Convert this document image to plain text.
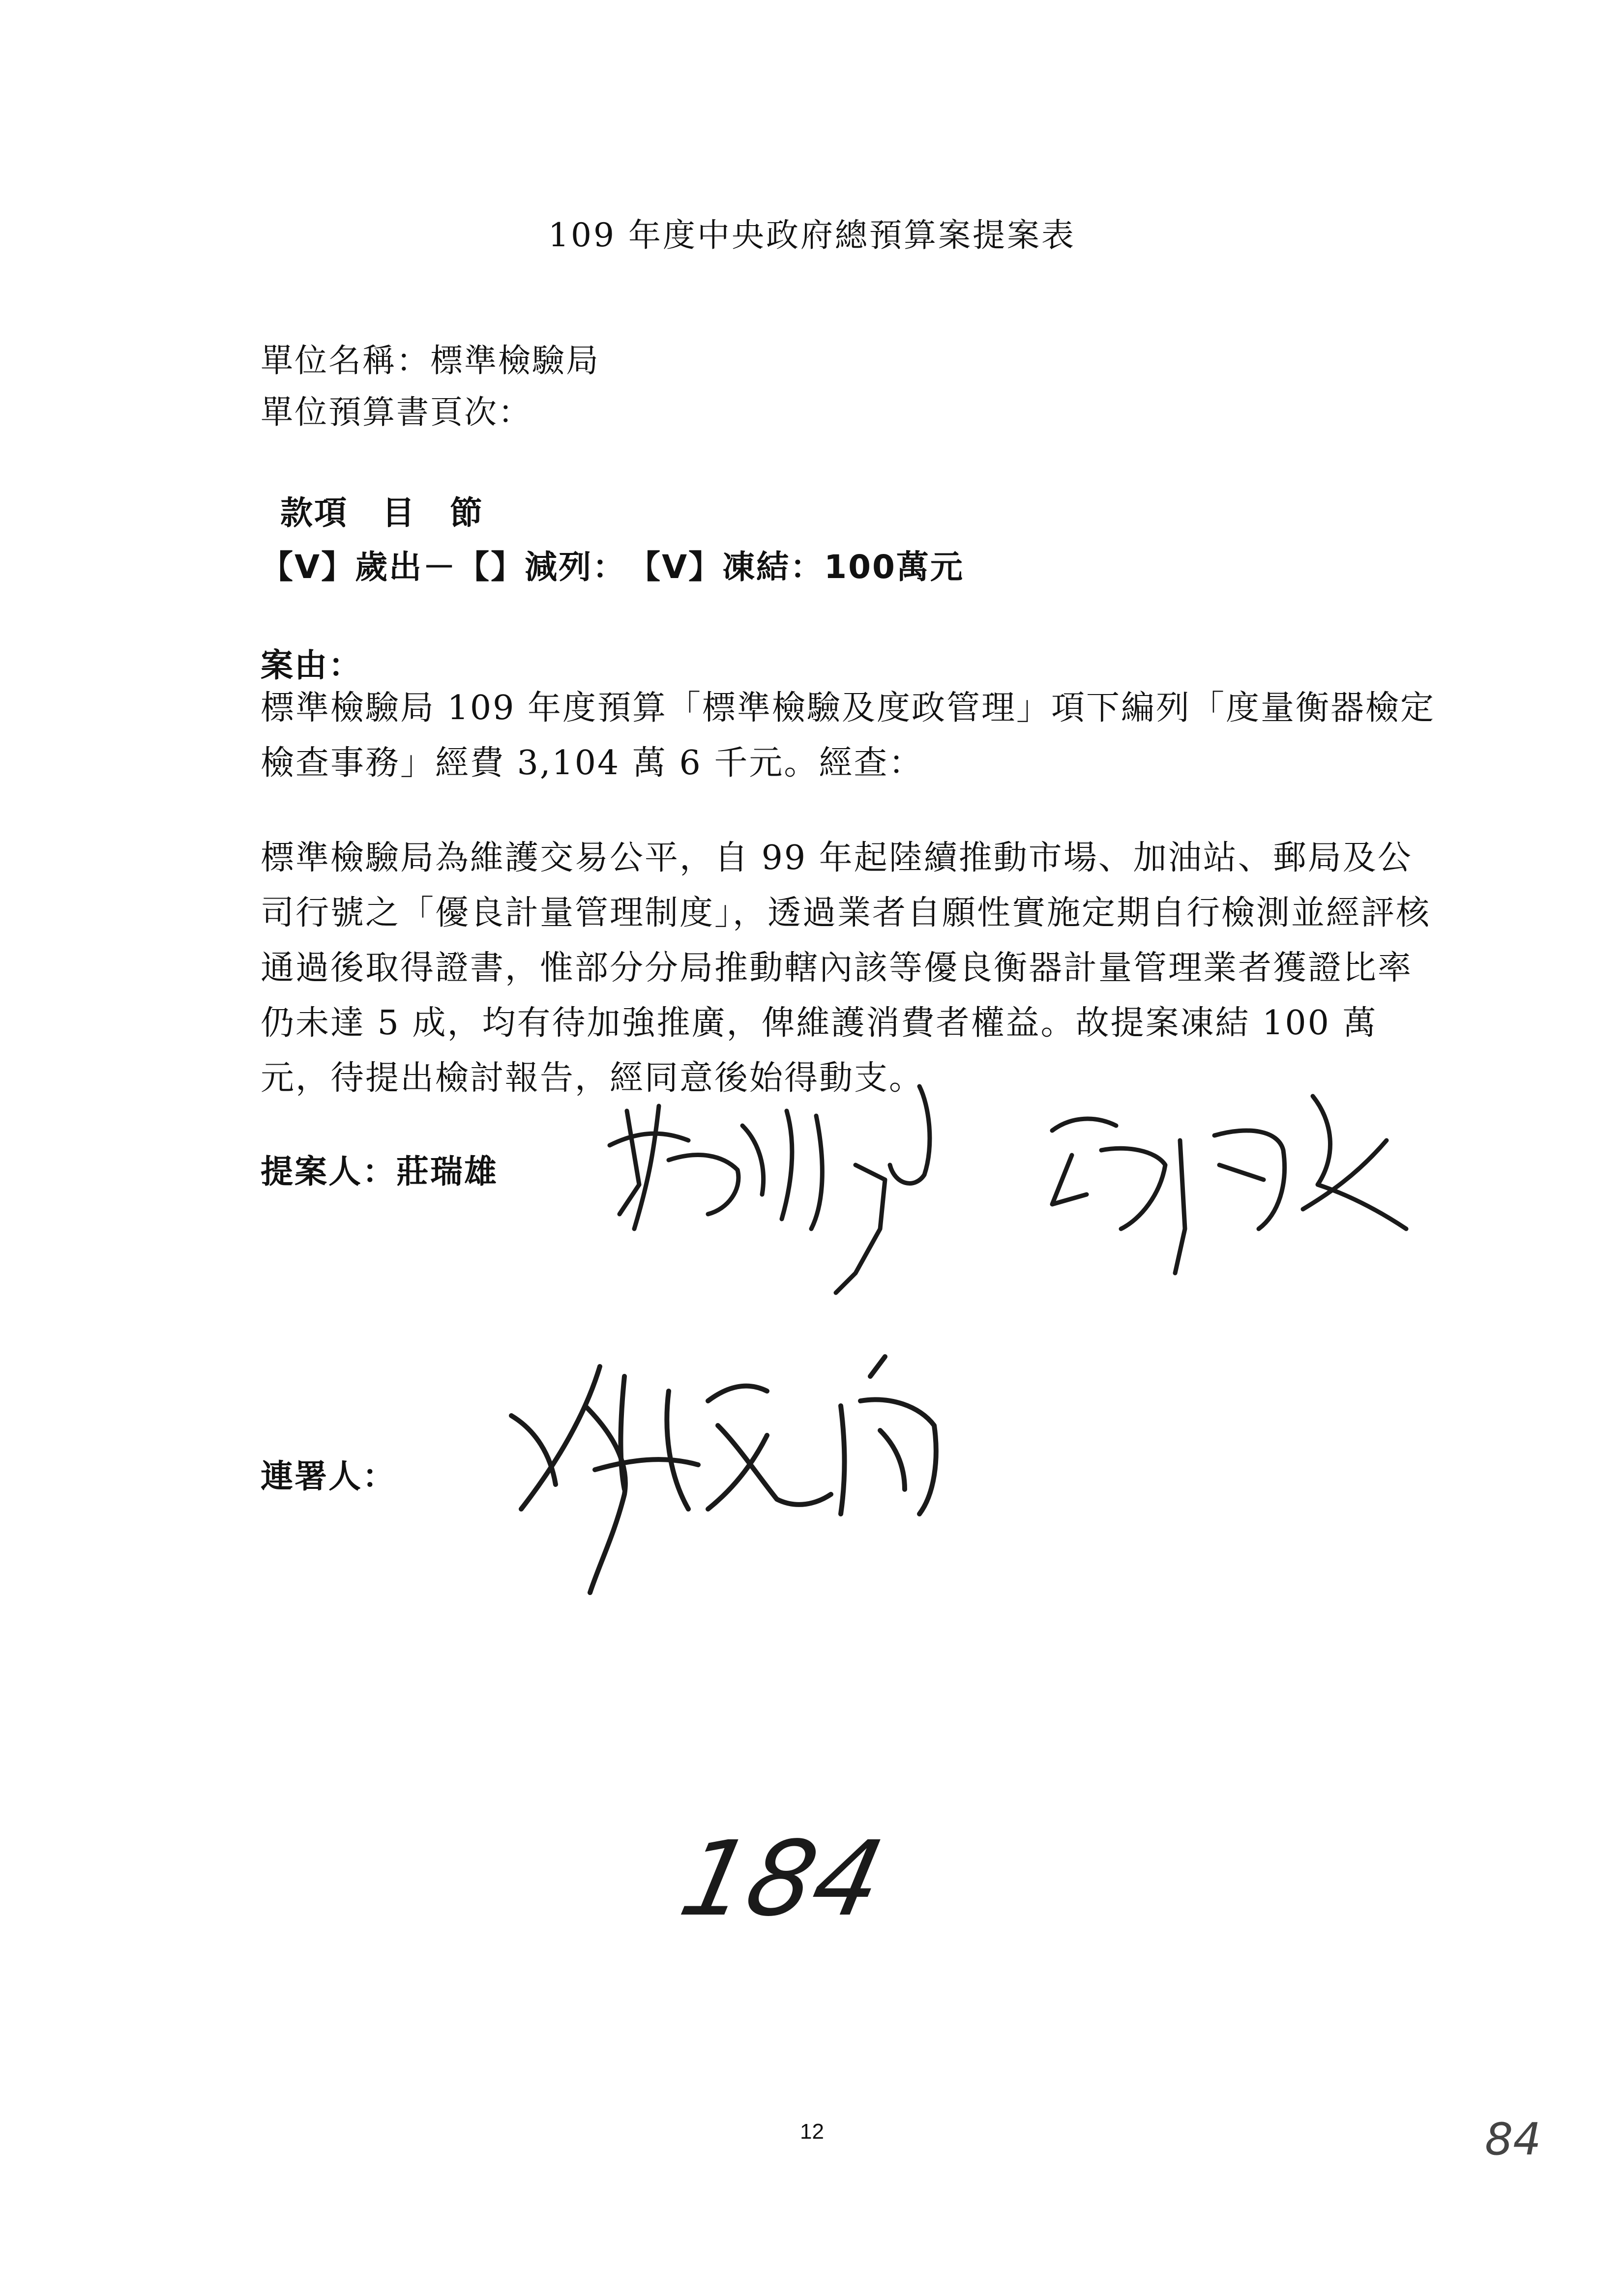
109 年度中央政府總預算案提案表
單位名稱：標準檢驗局
單位預算書頁次：
款項　目　節
【V】歲出－【】減列：　【V】凍結：100萬元
案由：

標準檢驗局 109 年度預算「標準檢驗及度政管理」項下編列「度量衡器檢定檢查事務」經費 3,104 萬 6 千元。經查：

標準檢驗局為維護交易公平，自 99 年起陸續推動市場、加油站、郵局及公司行號之「優良計量管理制度」，透過業者自願性實施定期自行檢測並經評核通過後取得證書，惟部分分局推動轄內該等優良衡器計量管理業者獲證比率仍未達 5 成，均有待加強推廣，俾維護消費者權益。故提案凍結 100 萬元，待提出檢討報告，經同意後始得動支。

提案人：莊瑞雄
連署人：
184
12	84
